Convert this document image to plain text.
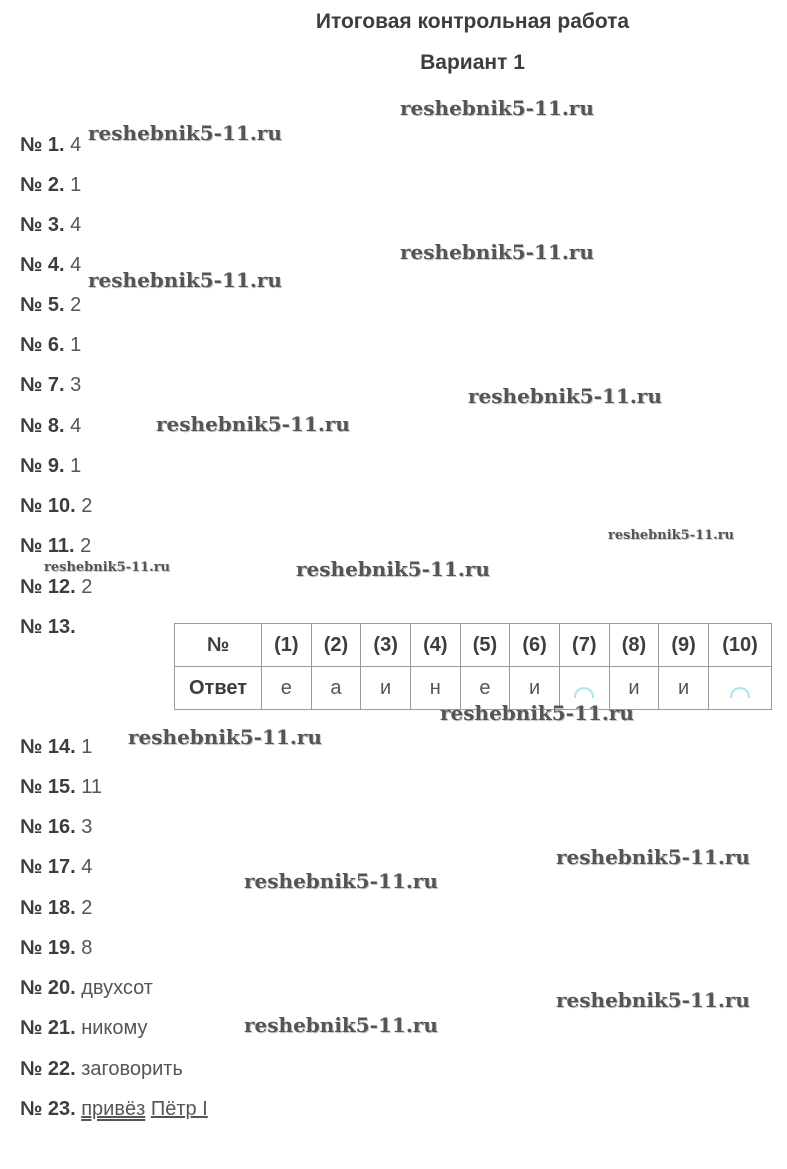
Итоговая контрольная работа
Вариант 1
№ 1. 4
№ 2. 1
№ 3. 4
№ 4. 4
№ 5. 2
№ 6. 1
№ 7. 3
№ 8. 4
№ 9. 1
№ 10. 2
№ 11. 2
№ 12. 2
№ 13.
№	(1)	(2)	(3)	(4)	(5)	(6)	(7)	(8)	(9)	(10)
Ответ	е	а	и	н	е	и		и	и	
№ 14. 1
№ 15. 11
№ 16. 3
№ 17. 4
№ 18. 2
№ 19. 8
№ 20. двухсот
№ 21. никому
№ 22. заговорить
№ 23. привёз Пётр I
reshebnik5-11.ru
reshebnik5-11.ru
reshebnik5-11.ru
reshebnik5-11.ru
reshebnik5-11.ru
reshebnik5-11.ru
reshebnik5-11.ru
reshebnik5-11.ru	reshebnik5-11.ru
reshebnik5-11.ru
reshebnik5-11.ru
reshebnik5-11.ru
reshebnik5-11.ru
reshebnik5-11.ru
reshebnik5-11.ru
